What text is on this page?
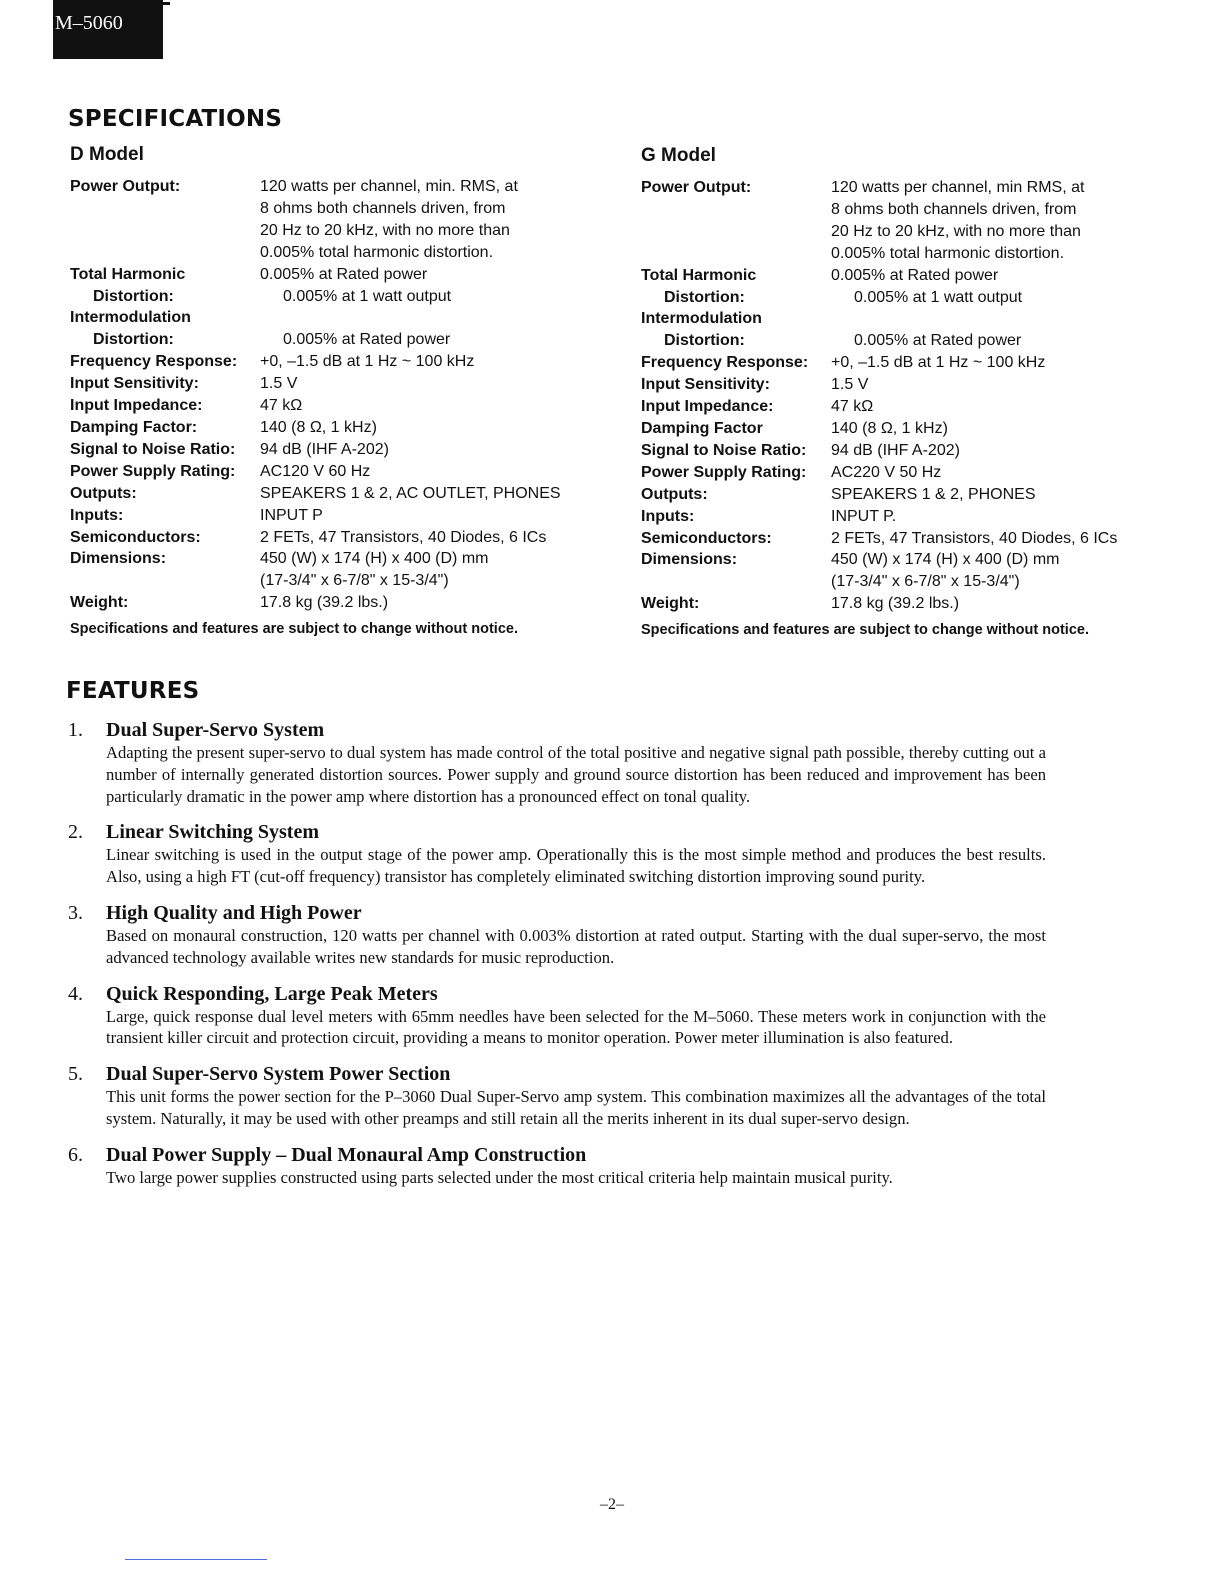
M–5060
SPECIFICATIONS
D Model
Power Output:	120 watts per channel, min. RMS, at
8 ohms both channels driven, from
20 Hz to 20 kHz, with no more than
0.005% total harmonic distortion.
Total Harmonic	0.005% at Rated power
Distortion:	0.005% at 1 watt output
Intermodulation
Distortion:	0.005% at Rated power
Frequency Response:	+0, –1.5 dB at 1 Hz ~ 100 kHz
Input Sensitivity:	1.5 V
Input Impedance:	47 kΩ
Damping Factor:	140 (8 Ω, 1 kHz)
Signal to Noise Ratio:	94 dB (IHF A-202)
Power Supply Rating:	AC120 V 60 Hz
Outputs:	SPEAKERS 1 & 2, AC OUTLET, PHONES
Inputs:	INPUT P
Semiconductors:	2 FETs, 47 Transistors, 40 Diodes, 6 ICs
Dimensions:	450 (W) x 174 (H) x 400 (D) mm
(17-3/4" x 6-7/8" x 15-3/4")
Weight:	17.8 kg (39.2 lbs.)
Specifications and features are subject to change without notice.
G Model
Power Output:	120 watts per channel, min RMS, at
8 ohms both channels driven, from
20 Hz to 20 kHz, with no more than
0.005% total harmonic distortion.
Total Harmonic	0.005% at Rated power
Distortion:	0.005% at 1 watt output
Intermodulation
Distortion:	0.005% at Rated power
Frequency Response:	+0, –1.5 dB at 1 Hz ~ 100 kHz
Input Sensitivity:	1.5 V
Input Impedance:	47 kΩ
Damping Factor	140 (8 Ω, 1 kHz)
Signal to Noise Ratio:	94 dB (IHF A-202)
Power Supply Rating:	AC220 V 50 Hz
Outputs:	SPEAKERS 1 & 2, PHONES
Inputs:	INPUT P.
Semiconductors:	2 FETs, 47 Transistors, 40 Diodes, 6 ICs
Dimensions:	450 (W) x 174 (H) x 400 (D) mm
(17-3/4" x 6-7/8" x 15-3/4")
Weight:	17.8 kg (39.2 lbs.)
Specifications and features are subject to change without notice.
FEATURES
1. Dual Super-Servo System
Adapting the present super-servo to dual system has made control of the total positive and negative signal path possible, thereby cutting out a number of internally generated distortion sources. Power supply and ground source distortion has been reduced and improvement has been particularly dramatic in the power amp where distortion has a pronounced effect on tonal quality.
2. Linear Switching System
Linear switching is used in the output stage of the power amp. Operationally this is the most simple method and produces the best results. Also, using a high FT (cut-off frequency) transistor has completely eliminated switching distortion improving sound purity.
3. High Quality and High Power
Based on monaural construction, 120 watts per channel with 0.003% distortion at rated output. Starting with the dual super-servo, the most advanced technology available writes new standards for music reproduction.
4. Quick Responding, Large Peak Meters
Large, quick response dual level meters with 65mm needles have been selected for the M–5060. These meters work in conjunction with the transient killer circuit and protection circuit, providing a means to monitor operation. Power meter illumination is also featured.
5. Dual Super-Servo System Power Section
This unit forms the power section for the P–3060 Dual Super-Servo amp system. This combination maximizes all the advantages of the total system. Naturally, it may be used with other preamps and still retain all the merits inherent in its dual super-servo design.
6. Dual Power Supply – Dual Monaural Amp Construction
Two large power supplies constructed using parts selected under the most critical criteria help maintain musical purity.
–2–
